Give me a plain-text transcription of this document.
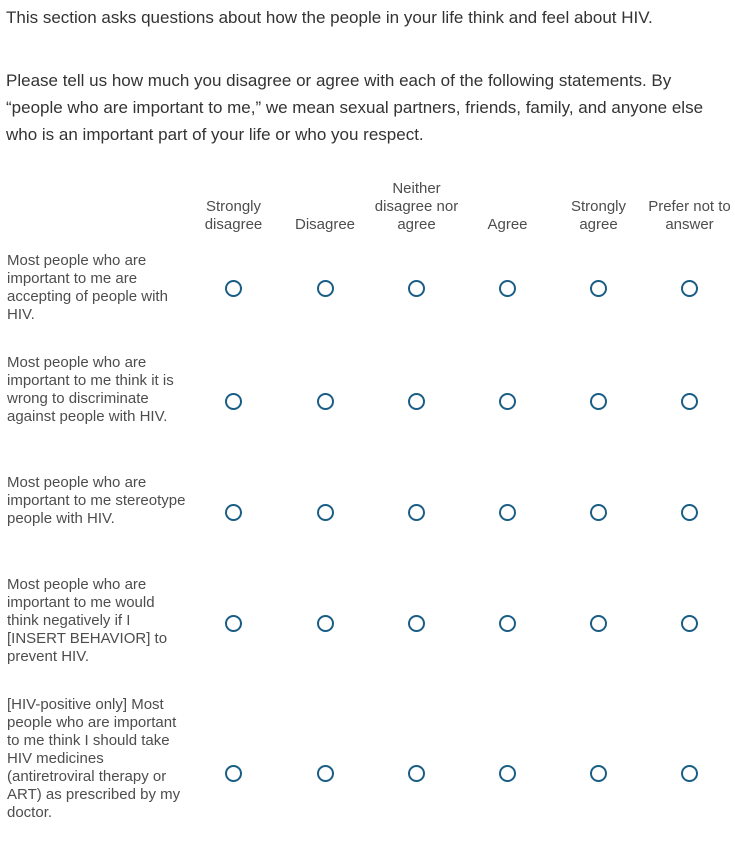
This section asks questions about how the people in your life think and feel about HIV.

Please tell us how much you disagree or agree with each of the following statements. By “people who are important to me,” we mean sexual partners, friends, family, and anyone else who is an important part of your life or who you respect.

	Strongly disagree	Disagree	Neither disagree nor agree	Agree	Strongly agree	Prefer not to answer
Most people who are important to me are accepting of people with HIV.						
Most people who are important to me think it is wrong to discriminate against people with HIV.						
Most people who are important to me stereotype people with HIV.						
Most people who are important to me would think negatively if I [INSERT BEHAVIOR] to prevent HIV.						
[HIV-positive only] Most people who are important to me think I should take HIV medicines (antiretroviral therapy or ART) as prescribed by my doctor.						
